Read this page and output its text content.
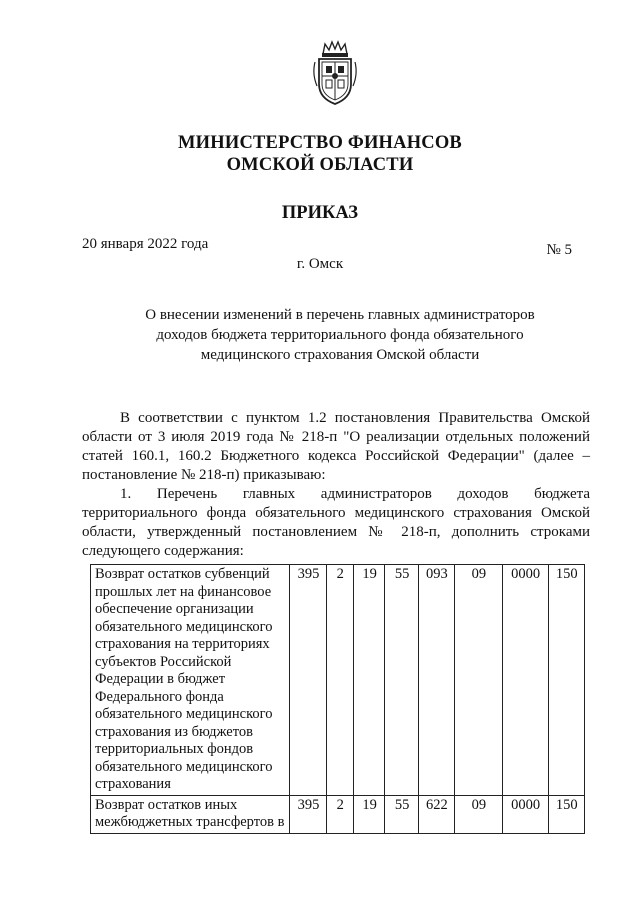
МИНИСТЕРСТВО ФИНАНСОВ
ОМСКОЙ ОБЛАСТИ
ПРИКАЗ
20 января 2022 года	№ 5
г. Омск
О внесении изменений в перечень главных администраторов доходов бюджета территориального фонда обязательного медицинского страхования Омской области

В соответствии с пунктом 1.2 постановления Правительства Омской области от 3 июля 2019 года № 218-п "О реализации отдельных положений статей 160.1, 160.2 Бюджетного кодекса Российской Федерации" (далее – постановление № 218-п) приказываю:

1. Перечень главных администраторов доходов бюджета территориального фонда обязательного медицинского страхования Омской области, утвержденный постановлением № 218-п, дополнить строками следующего содержания:

Возврат остатков субвенций прошлых лет на финансовое обеспечение организации обязательного медицинского страхования на территориях субъектов Российской Федерации в бюджет Федерального фонда обязательного медицинского страхования из бюджетов территориальных фондов обязательного медицинского страхования	395	2	19	55	093	09	0000	150
Возврат остатков иных межбюджетных трансфертов в	395	2	19	55	622	09	0000	150
